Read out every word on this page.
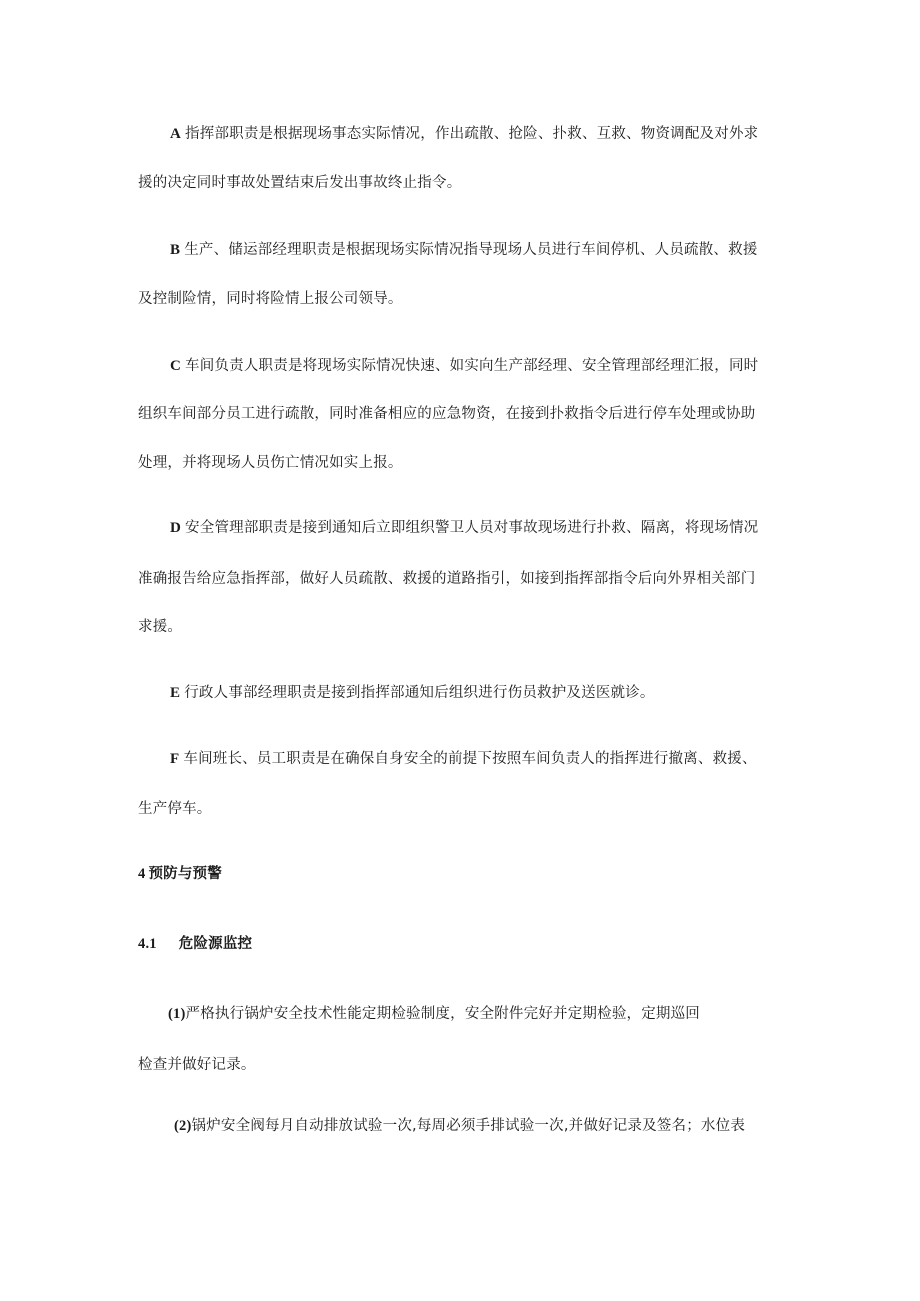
A 指挥部职责是根据现场事态实际情况，作出疏散、抢险、扑救、互救、物资调配及对外求
援的决定同时事故处置结束后发出事故终止指令。
B 生产、储运部经理职责是根据现场实际情况指导现场人员进行车间停机、人员疏散、救援
及控制险情，同时将险情上报公司领导。
C 车间负责人职责是将现场实际情况快速、如实向生产部经理、安全管理部经理汇报，同时
组织车间部分员工进行疏散，同时准备相应的应急物资，在接到扑救指令后进行停车处理或协助
处理，并将现场人员伤亡情况如实上报。
D 安全管理部职责是接到通知后立即组织警卫人员对事故现场进行扑救、隔离，将现场情况
准确报告给应急指挥部，做好人员疏散、救援的道路指引，如接到指挥部指令后向外界相关部门
求援。
E 行政人事部经理职责是接到指挥部通知后组织进行伤员救护及送医就诊。
F 车间班长、员工职责是在确保自身安全的前提下按照车间负责人的指挥进行撤离、救援、
生产停车。
4 预防与预警
4.1 危险源监控
(1)严格执行锅炉安全技术性能定期检验制度，安全附件完好并定期检验，定期巡回
检查并做好记录。
(2)锅炉安全阀每月自动排放试验一次,每周必须手排试验一次,并做好记录及签名；水位表
